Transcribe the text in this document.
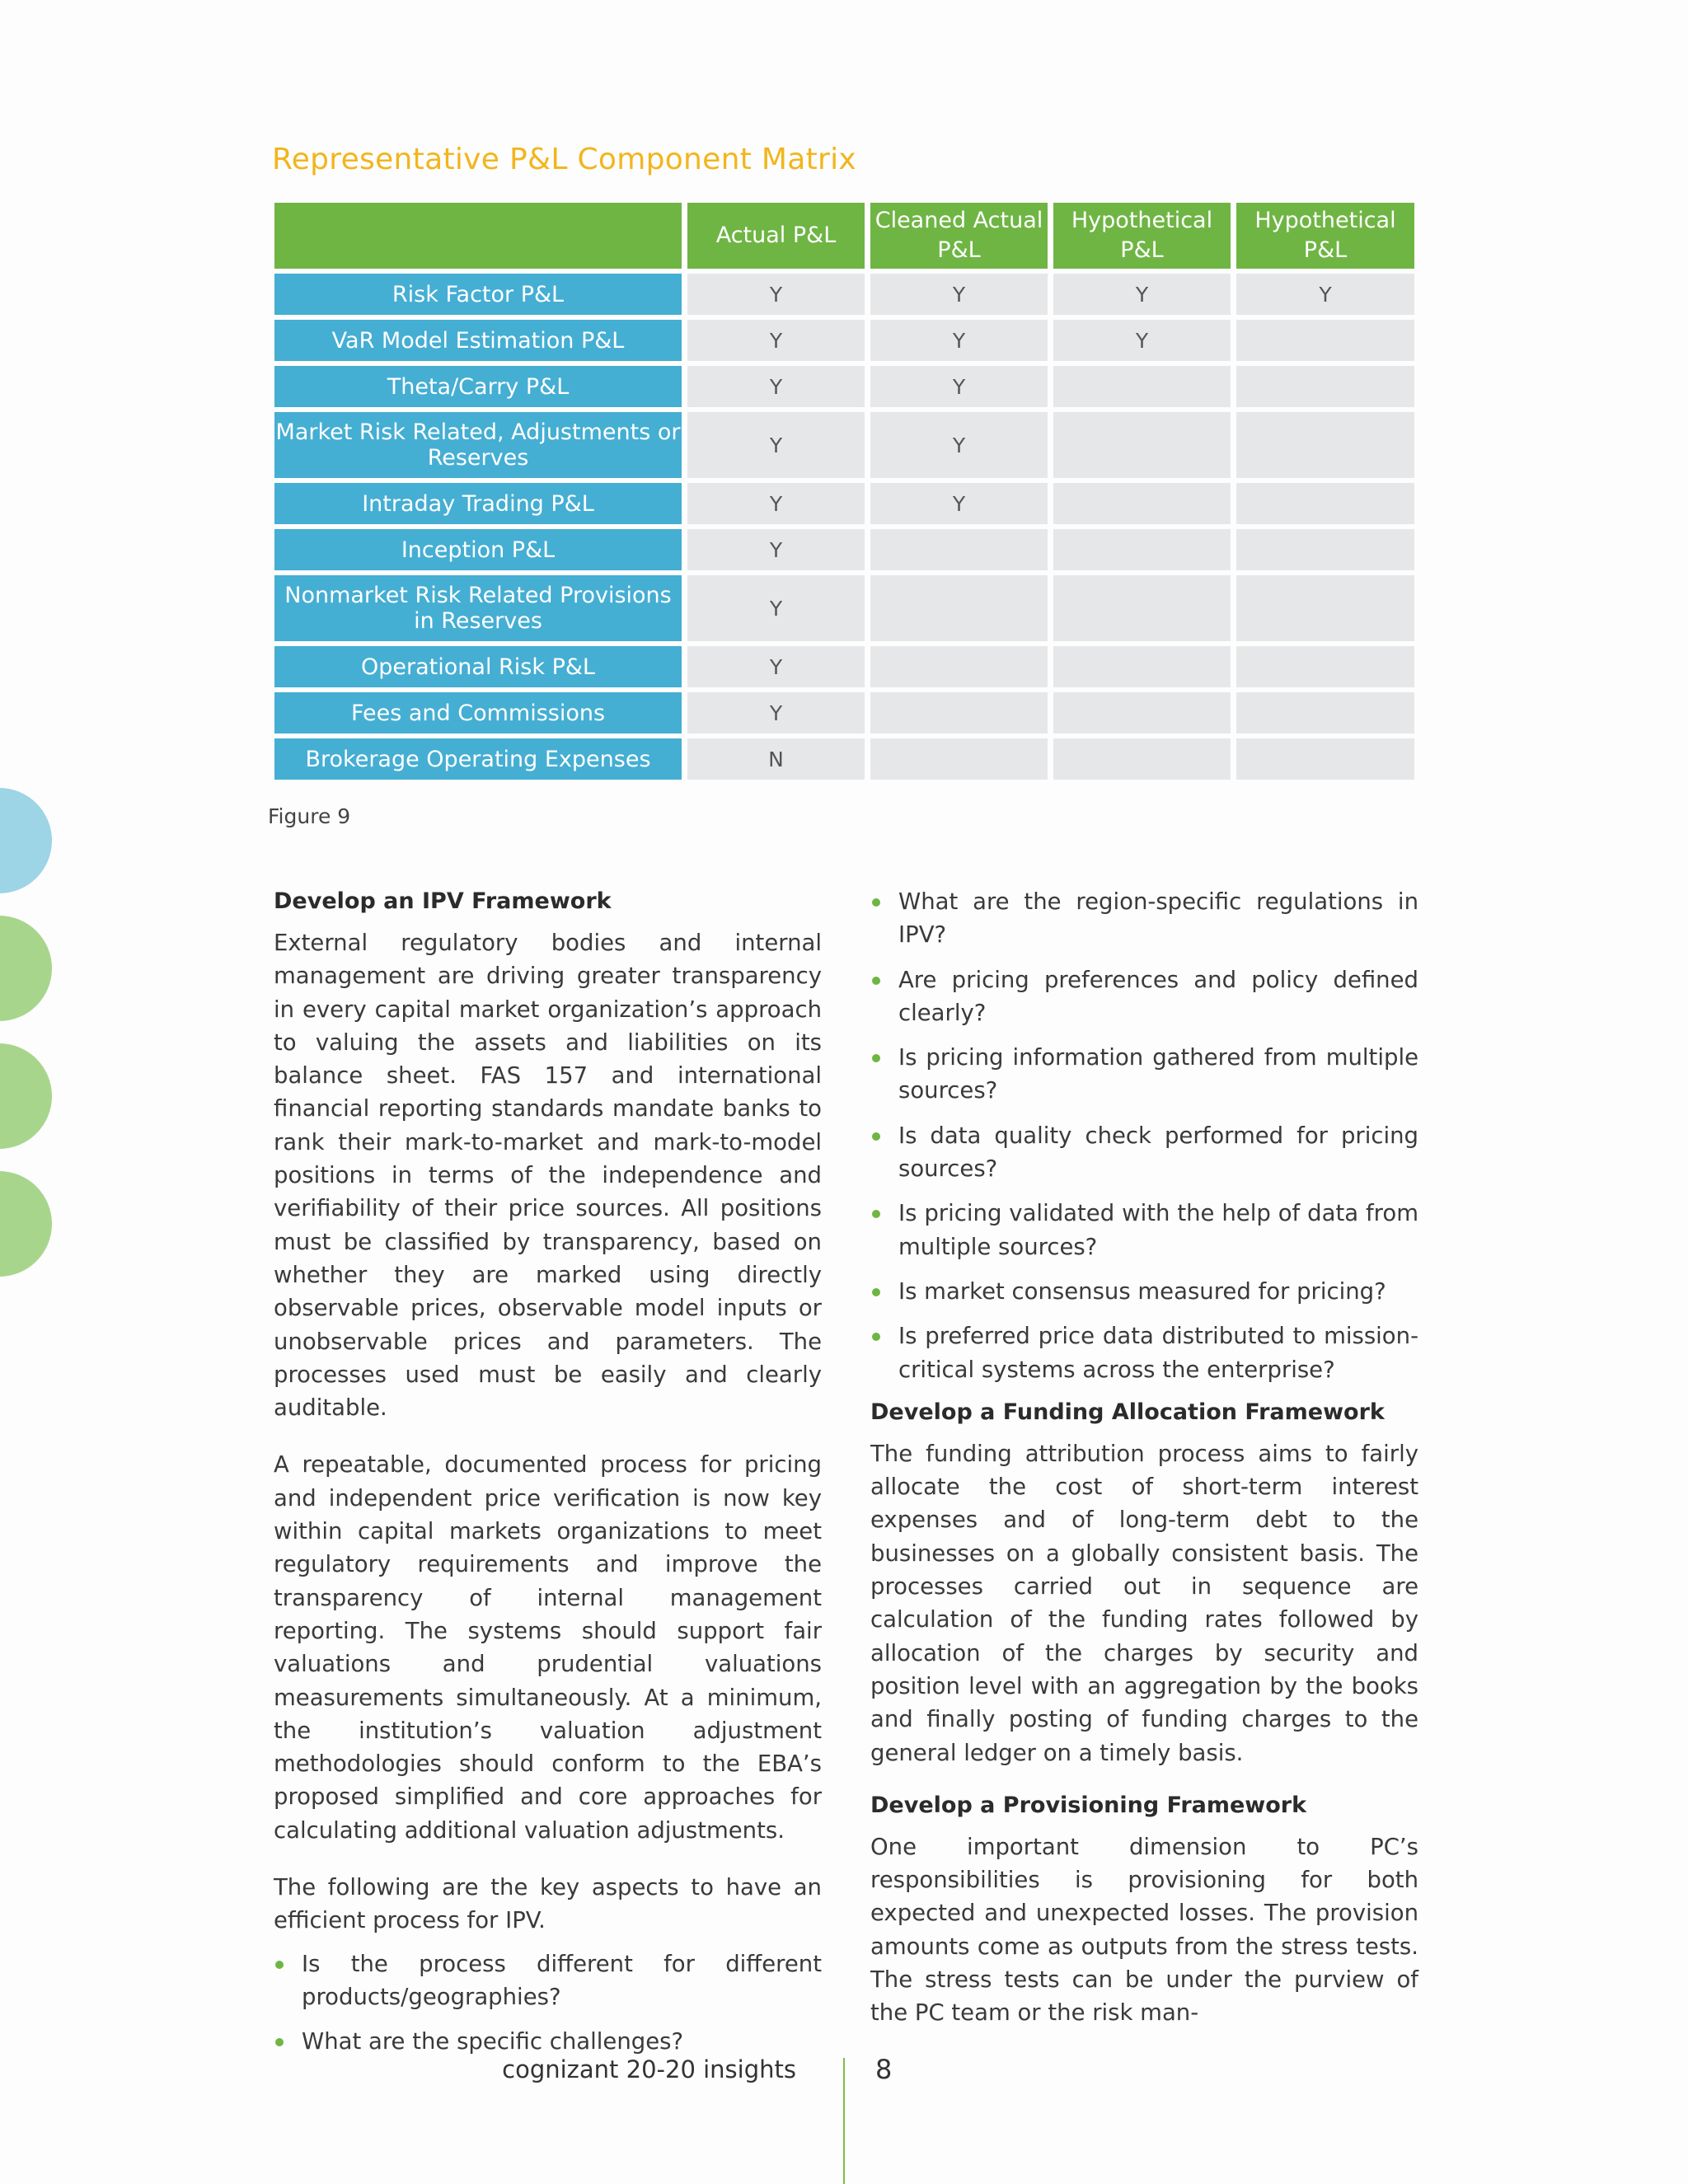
Representative P&L Component Matrix
	Actual P&L	Cleaned Actual P&L	Hypothetical P&L	Hypothetical P&L
Risk Factor P&L	Y	Y	Y	Y
VaR Model Estimation P&L	Y	Y	Y	
Theta/Carry P&L	Y	Y		
Market Risk Related, Adjustments or Reserves	Y	Y		
Intraday Trading P&L	Y	Y		
Inception P&L	Y			
Nonmarket Risk Related Provisions in Reserves	Y			
Operational Risk P&L	Y			
Fees and Commissions	Y			
Brokerage Operating Expenses	N			
Figure 9
Develop an IPV Framework

External regulatory bodies and internal management are driving greater transparency in every capital market organization’s approach to valuing the assets and liabilities on its balance sheet. FAS 157 and international financial reporting standards mandate banks to rank their mark-to-market and mark-to-model positions in terms of the independence and verifiability of their price sources. All positions must be classified by transparency, based on whether they are marked using directly observable prices, observable model inputs or unobservable prices and parameters. The processes used must be easily and clearly auditable.

A repeatable, documented process for pricing and independent price verification is now key within capital markets organizations to meet regulatory requirements and improve the transparency of internal management reporting. The systems should support fair valuations and prudential valuations measurements simultaneously. At a minimum, the institution’s valuation adjustment methodologies should conform to the EBA’s proposed simplified and core approaches for calculating additional valuation adjustments.

The following are the key aspects to have an efficient process for IPV.

Is the process different for different products/geographies?
What are the specific challenges?
What are the region-specific regulations in IPV?
Are pricing preferences and policy defined clearly?
Is pricing information gathered from multiple sources?
Is data quality check performed for pricing sources?
Is pricing validated with the help of data from multiple sources?
Is market consensus measured for pricing?
Is preferred price data distributed to mission-critical systems across the enterprise?
Develop a Funding Allocation Framework

The funding attribution process aims to fairly allocate the cost of short-term interest expenses and of long-term debt to the businesses on a globally consistent basis. The processes carried out in sequence are calculation of the funding rates followed by allocation of the charges by security and position level with an aggregation by the books and finally posting of funding charges to the general ledger on a timely basis.

Develop a Provisioning Framework

One important dimension to PC’s responsibilities is provisioning for both expected and unexpected losses. The provision amounts come as outputs from the stress tests. The stress tests can be under the purview of the PC team or the risk man-

cognizant 20-20 insights	8
